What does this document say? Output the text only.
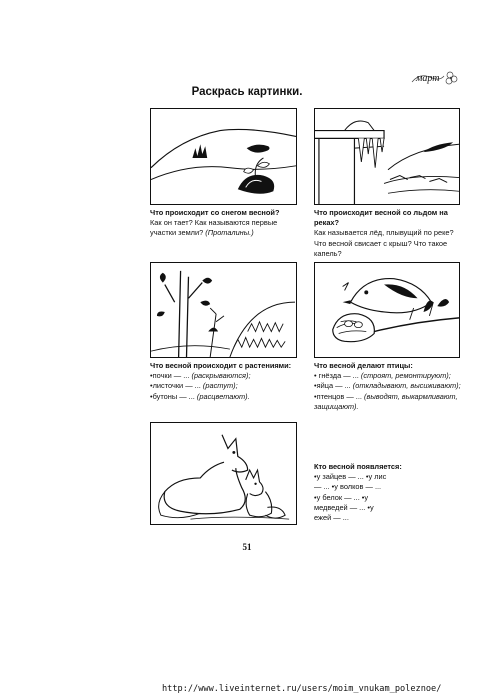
март
Раскрась картинки.

Что происходит со снегом весной?

Как он тает? Как называются первые участки земли? (Проталины.)

Что происходит весной со льдом на реках?

Как называется лёд, плывущий по реке? Что весной свисает с крыш? Что такое капель?

Что весной происходит с растениями:

•почки — ... (раскрываются);
•листочки — ... (растут);
•бутоны — ... (расцветают).

Что весной делают птицы:

• гнёзда — ... (строят, ремонтируют);
•яйца — ... (откладывают, высиживают);
•птенцов — ... (выводят, выкармливают, защищают).

Кто весной появляется:

•у зайцев — ... •у лис
— ... •у волков — ...
•у белок — ... •у
медведей — ... •у
ежей — ...
51
http://www.liveinternet.ru/users/moim_vnukam_poleznoe/
